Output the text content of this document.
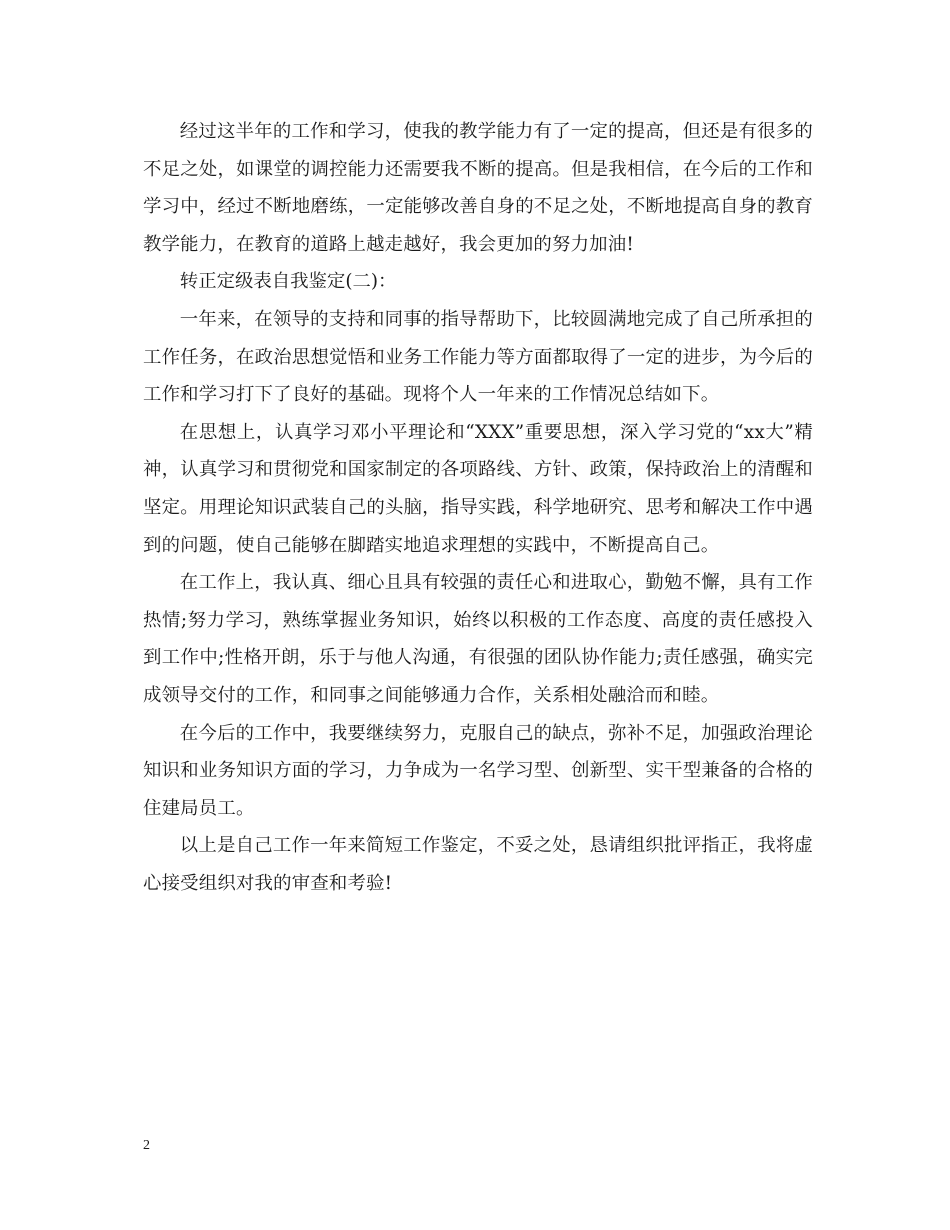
经过这半年的工作和学习，使我的教学能力有了一定的提高，但还是有很多的不足之处，如课堂的调控能力还需要我不断的提高。但是我相信，在今后的工作和学习中，经过不断地磨练，一定能够改善自身的不足之处，不断地提高自身的教育教学能力，在教育的道路上越走越好，我会更加的努力加油!

转正定级表自我鉴定(二)：

一年来，在领导的支持和同事的指导帮助下，比较圆满地完成了自己所承担的工作任务，在政治思想觉悟和业务工作能力等方面都取得了一定的进步，为今后的工作和学习打下了良好的基础。现将个人一年来的工作情况总结如下。

在思想上，认真学习邓小平理论和“XXX”重要思想，深入学习党的“xx大”精神，认真学习和贯彻党和国家制定的各项路线、方针、政策，保持政治上的清醒和坚定。用理论知识武装自己的头脑，指导实践，科学地研究、思考和解决工作中遇到的问题，使自己能够在脚踏实地追求理想的实践中，不断提高自己。

在工作上，我认真、细心且具有较强的责任心和进取心，勤勉不懈，具有工作热情;努力学习，熟练掌握业务知识，始终以积极的工作态度、高度的责任感投入到工作中;性格开朗，乐于与他人沟通，有很强的团队协作能力;责任感强，确实完成领导交付的工作，和同事之间能够通力合作，关系相处融洽而和睦。

在今后的工作中，我要继续努力，克服自己的缺点，弥补不足，加强政治理论知识和业务知识方面的学习，力争成为一名学习型、创新型、实干型兼备的合格的住建局员工。

以上是自己工作一年来简短工作鉴定，不妥之处，恳请组织批评指正，我将虚心接受组织对我的审查和考验!

2
